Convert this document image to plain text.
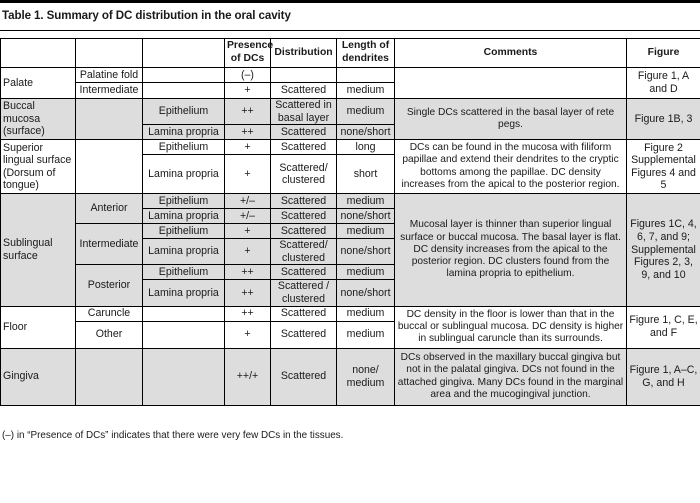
Table 1. Summary of DC distribution in the oral cavity
			Presence of DCs	Distribution	Length of dendrites	Comments	Figure
Palate	Palatine fold		(–)				Figure 1, A and D
	Intermediate		+	Scattered	medium		
Buccal mucosa (surface)		Epithelium	++	Scattered in basal layer	medium	Single DCs scattered in the basal layer of rete pegs.	Figure 1B, 3
		Lamina propria	++	Scattered	none/short		
Superior lingual surface (Dorsum of tongue)		Epithelium	+	Scattered	long	DCs can be found in the mucosa with filiform papillae and extend their dendrites to the cryptic bottoms among the papillae. DC density increases from the apical to the posterior region.	Figure 2 Supplemental Figures 4 and 5
		Lamina propria	+	Scattered/ clustered	short		
Sublingual surface	Anterior	Epithelium	+/–	Scattered	medium	Mucosal layer is thinner than superior lingual surface or buccal mucosa. The basal layer is flat. DC density increases from the apical to the posterior region. DC clusters found from the lamina propria to epithelium.	Figures 1C, 4, 6, 7, and 9; Supplemental Figures 2, 3, 9, and 10
		Lamina propria	+/–	Scattered	none/short		
	Intermediate	Epithelium	+	Scattered	medium		
		Lamina propria	+	Scattered/ clustered	none/short		
	Posterior	Epithelium	++	Scattered	medium		
		Lamina propria	++	Scattered / clustered	none/short		
Floor	Caruncle		++	Scattered	medium	DC density in the floor is lower than that in the buccal or sublingual mucosa. DC density is higher in sublingual caruncle than its surrounds.	Figure 1, C, E, and F
	Other		+	Scattered	medium		
Gingiva			++/+	Scattered	none/ medium	DCs observed in the maxillary buccal gingiva but not in the palatal gingiva. DCs not found in the attached gingiva. Many DCs found in the marginal area and the mucogingival junction.	Figure 1, A–C, G, and H
(–) in “Presence of DCs” indicates that there were very few DCs in the tissues.
